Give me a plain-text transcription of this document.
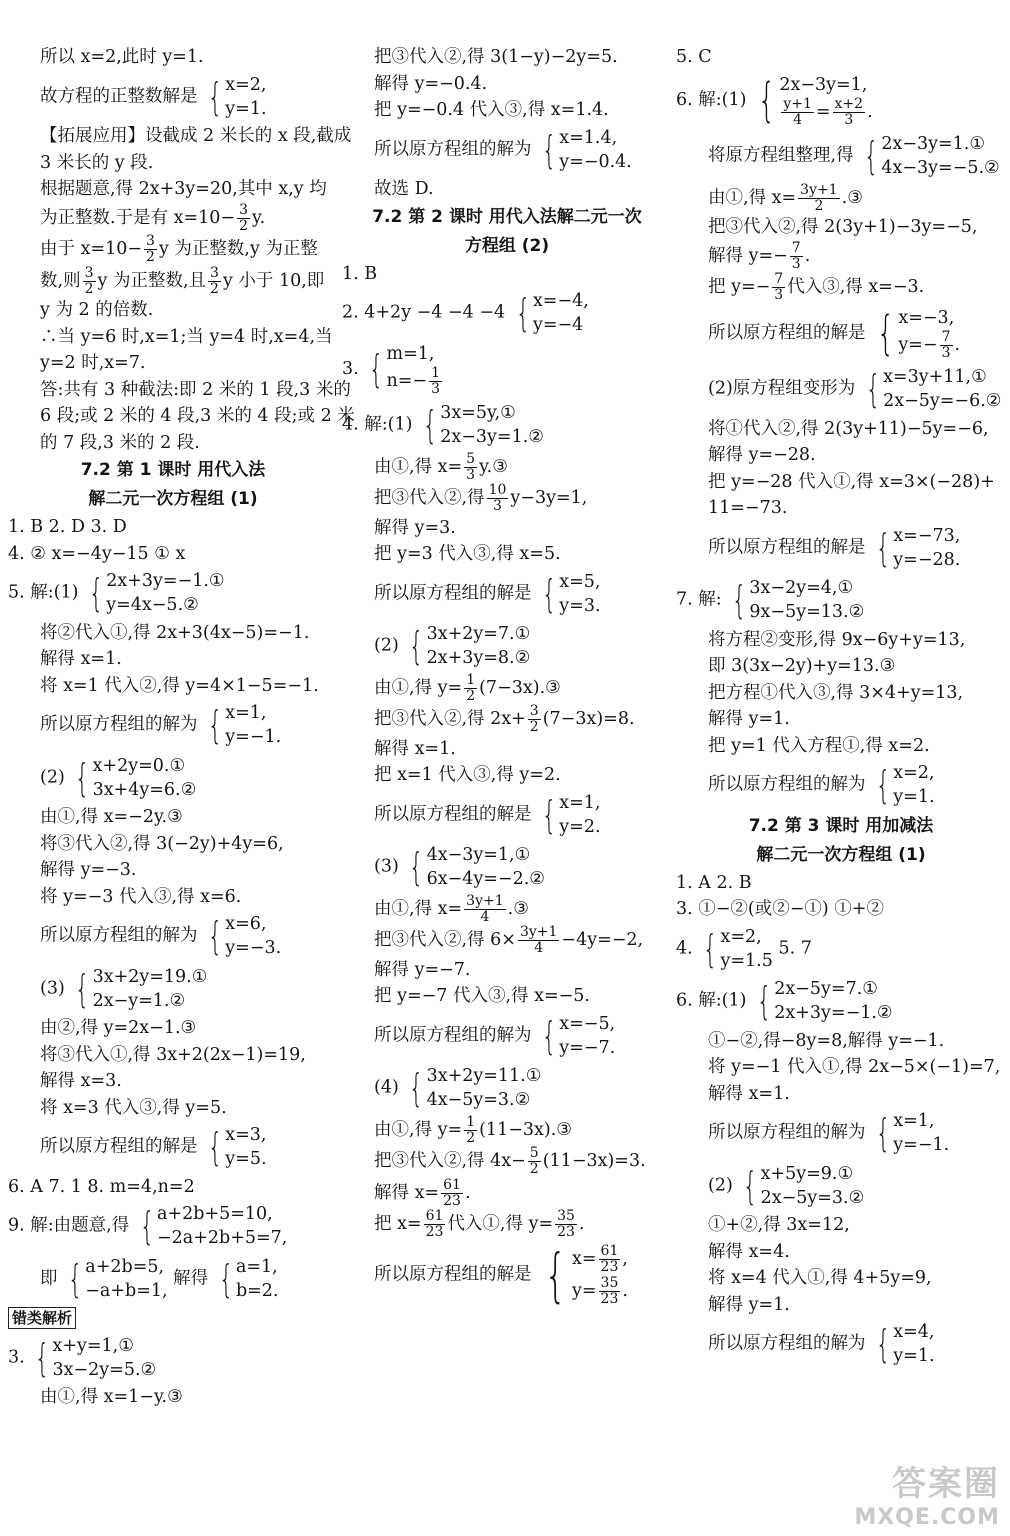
所以 x=2,此时 y=1.
故方程的正整数解是 { x=2,
y=1.
【拓展应用】设截成 2 米长的 x 段,截成
3 米长的 y 段.
根据题意,得 2x+3y=20,其中 x,y 均
为正整数.于是有 $x=10- \frac{3}{2} y$.
由于 $x=10- \frac{3}{2}$ y 为正整数,y 为正整
数,则 $\frac{3}{2}$ y 为正整数,且 $\frac{3}{2}$ y 小于 10,即
y 为 2 的倍数.
∴当 y=6 时,x=1;当 y=4 时,x=4,当
y=2 时,x=7.
答:共有 3 种截法:即 2 米的 1 段,3 米的
6 段;或 2 米的 4 段,3 米的 4 段;或 2 米
的 7 段,3 米的 2 段.
7.2 第 1 课时 用代入法
解二元一次方程组 (1)
1. B 2. D 3. D
4. ② x=−4y−15 ① x
5. 解:(1) { 2x+3y=−1.①
y=4x−5.②
将②代入①,得 2x+3(4x−5)=−1.
解得 x=1.
将 x=1 代入②,得 y=4×1−5=−1.
所以原方程组的解为 { x=1,
y=−1.
(2) { x+2y=0.①
3x+4y=6.②
由①,得 x=−2y.③
将③代入②,得 3(−2y)+4y=6,
解得 y=−3.
将 y=−3 代入③,得 x=6.
所以原方程组的解为 { x=6,
y=−3.
(3) { 3x+2y=19.①
2x−y=1.②
由②,得 y=2x−1.③
将③代入①,得 3x+2(2x−1)=19,
解得 x=3.
将 x=3 代入③,得 y=5.
所以原方程组的解是 { x=3,
y=5.
6. A 7. 1 8. m=4,n=2
9. 解:由题意,得 { a+2b+5=10,
−2a+2b+5=7,
即 { a+2b=5,
−a+b=1,
解得 { a=1,
b=2.
错类解析
3. { x+y=1,①
3x−2y=5.②
由①,得 x=1−y.③
把③代入②,得 3(1−y)−2y=5.
解得 y=−0.4.
把 y=−0.4 代入③,得 x=1.4.
所以原方程组的解为 { x=1.4,
y=−0.4.
故选 D.
7.2 第 2 课时 用代入法解二元一次
方程组 (2)
1. B
2. 4+2y −4 −4 −4 { x=−4,
y=−4
3. { m=1,
$n=- \frac{1}{3}$
4. 解:(1) { 3x=5y,①
2x−3y=1.②
由①,得 $x= \frac{5}{3}$ y.③
把③代入②,得 $\frac{10}{3} y-3y=1$,
解得 y=3.
把 y=3 代入③,得 x=5.
所以原方程组的解是 { x=5,
y=3.
(2) { 3x+2y=7.①
2x+3y=8.②
由①,得 $y= \frac{1}{2}$ (7−3x).③
把③代入②,得 $2x+ \frac{3}{2} (7-3x)=8$.
解得 x=1.
把 x=1 代入③,得 y=2.
所以原方程组的解是 { x=1,
y=2.
(3) { 4x−3y=1,①
6x−4y=−2.②
由①,得 $x= \frac{3y+1}{4}$ .③
把③代入②,得 $6\times \frac{3y+1}{4} -4y=-2$,
解得 y=−7.
把 y=−7 代入③,得 x=−5.
所以原方程组的解为 { x=−5,
y=−7.
(4) { 3x+2y=11.①
4x−5y=3.②
由①,得 $y= \frac{1}{2}$ (11−3x).③
把③代入②,得 $4x- \frac{5}{2} (11-3x)=3$.
解得 $x= \frac{61}{23}$ .
把 $x= \frac{61}{23}$ 代入①,得 $y= \frac{35}{23}$ .
所以原方程组的解是 { $x= \frac{61}{23}$ ,
$y= \frac{35}{23}$ .
5. C
6. 解:(1) { 2x−3y=1,
$\frac{y+1}{4} = \frac{x+2}{3}$ .
将原方程组整理,得 { 2x−3y=1.①
4x−3y=−5.②
由①,得 $x= \frac{3y+1}{2}$ .③
把③代入②,得 2(3y+1)−3y=−5,
解得 $y=- \frac{7}{3}$ .
把 $y=- \frac{7}{3}$ 代入③,得 x=−3.
所以原方程组的解是 { x=−3,
$y=- \frac{7}{3}$ .
(2)原方程组变形为 { x=3y+11,①
2x−5y=−6.②
将①代入②,得 2(3y+11)−5y=−6,
解得 y=−28.
把 y=−28 代入①,得 x=3×(−28)+
11=−73.
所以原方程组的解是 { x=−73,
y=−28.
7. 解: { 3x−2y=4,①
9x−5y=13.②
将方程②变形,得 9x−6y+y=13,
即 3(3x−2y)+y=13.③
把方程①代入③,得 3×4+y=13,
解得 y=1.
把 y=1 代入方程①,得 x=2.
所以原方程组的解为 { x=2,
y=1.
7.2 第 3 课时 用加减法
解二元一次方程组 (1)
1. A 2. B
3. ①−②(或②−①) ①+②
4. { x=2,
y=1.5
5. 7
6. 解:(1) { 2x−5y=7.①
2x+3y=−1.②
①−②,得−8y=8,解得 y=−1.
将 y=−1 代入①,得 2x−5×(−1)=7,
解得 x=1.
所以原方程组的解为 { x=1,
y=−1.
(2) { x+5y=9.①
2x−5y=3.②
①+②,得 3x=12,
解得 x=4.
将 x=4 代入①,得 4+5y=9,
解得 y=1.
所以原方程组的解为 { x=4,
y=1.
答案圈
MXQE.COM
